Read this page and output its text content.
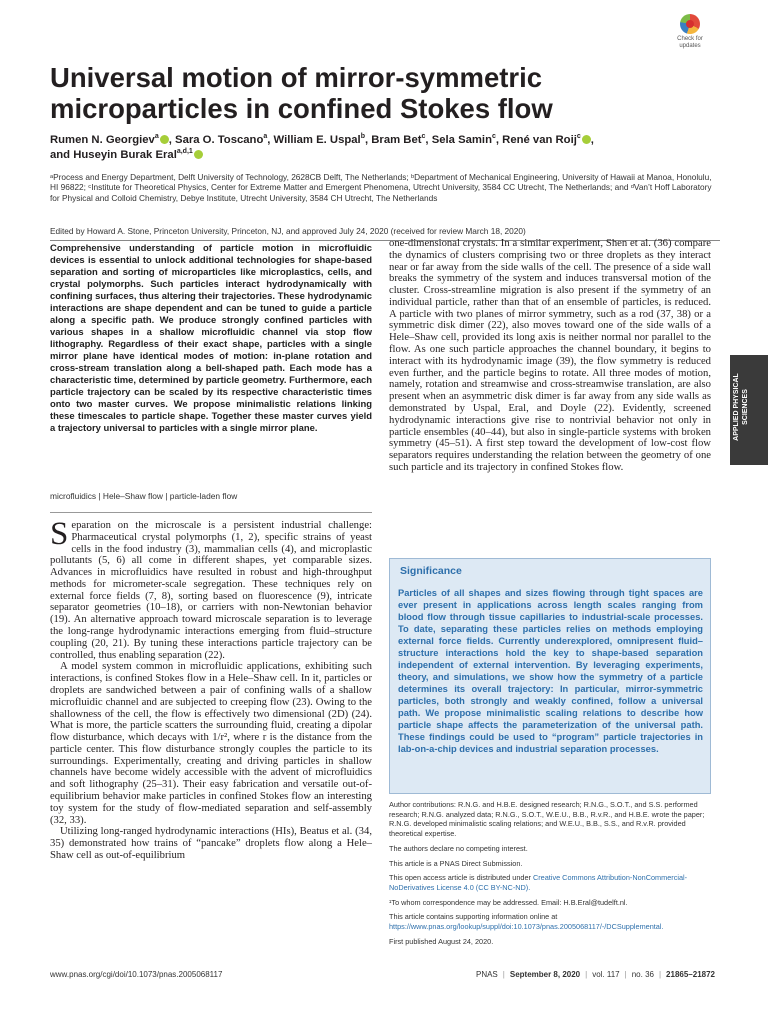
Check for updates
Universal motion of mirror-symmetric microparticles in confined Stokes flow
Rumen N. Georgiev$^a$ , Sara O. Toscano$^a$, William E. Uspal$^b$, Bram Bet$^c$, Sela Samin$^c$, René van Roij$^c$ ,
and Huseyin Burak Eral$^{a,d,1}$
ᵃProcess and Energy Department, Delft University of Technology, 2628CB Delft, The Netherlands; ᵇDepartment of Mechanical Engineering, University of Hawaii at Manoa, Honolulu, HI 96822; ᶜInstitute for Theoretical Physics, Center for Extreme Matter and Emergent Phenomena, Utrecht University, 3584 CC Utrecht, The Netherlands; and ᵈVan’t Hoff Laboratory for Physical and Colloid Chemistry, Debye Institute, Utrecht University, 3584 CH Utrecht, The Netherlands
Edited by Howard A. Stone, Princeton University, Princeton, NJ, and approved July 24, 2020 (received for review March 18, 2020)
Comprehensive understanding of particle motion in microfluidic devices is essential to unlock additional technologies for shape-based separation and sorting of microparticles like microplastics, cells, and crystal polymorphs. Such particles interact hydrodynamically with confining surfaces, thus altering their trajectories. These hydrodynamic interactions are shape dependent and can be tuned to guide a particle along a specific path. We produce strongly confined particles with various shapes in a shallow microfluidic channel via stop flow lithography. Regardless of their exact shape, particles with a single mirror plane have identical modes of motion: in-plane rotation and cross-stream translation along a bell-shaped path. Each mode has a characteristic time, determined by particle geometry. Furthermore, each particle trajectory can be scaled by its respective characteristic times onto two master curves. We propose minimalistic relations linking these timescales to particle shape. Together these master curves yield a trajectory universal to particles with a single mirror plane.
microfluidics | Hele–Shaw flow | particle-laden flow

Separation on the microscale is a persistent industrial challenge: Pharmaceutical crystal polymorphs (1, 2), specific strains of yeast cells in the food industry (3), mammalian cells (4), and microplastic pollutants (5, 6) all come in different shapes, yet comparable sizes. Advances in microfluidics have resulted in robust and high-throughput methods for micrometer-scale segregation. These techniques rely on external force fields (7, 8), sorting based on fluorescence (9), intricate separator geometries (10–18), or carriers with non-Newtonian behavior (19). An alternative approach toward microscale separation is to leverage the long-range hydrodynamic interactions emerging from fluid–structure coupling (20, 21). By tuning these interactions particle trajectory can be controlled, thus enabling separation (22).

A model system common in microfluidic applications, exhibiting such interactions, is confined Stokes flow in a Hele–Shaw cell. In it, particles or droplets are sandwiched between a pair of confining walls of a shallow microfluidic channel and are subjected to creeping flow (23). Owing to the shallowness of the cell, the flow is effectively two dimensional (2D) (24). What is more, the particle scatters the surrounding fluid, creating a dipolar flow disturbance, which decays with 1/r², where r is the distance from the particle center. This flow disturbance strongly couples the particle to its surroundings. Experimentally, creating and driving particles in shallow channels have become widely accessible with the advent of microfluidics and soft lithography (25–31). Their easy fabrication and versatile out-of-equilibrium behavior make particles in confined Stokes flow an interesting toy system for the study of flow-mediated separation and self-assembly (32, 33).

Utilizing long-ranged hydrodynamic interactions (HIs), Beatus et al. (34, 35) demonstrated how trains of “pancake” droplets flow along a Hele–Shaw cell as out-of-equilibrium

one-dimensional crystals. In a similar experiment, Shen et al. (36) compare the dynamics of clusters comprising two or three droplets as they interact near or far away from the side walls of the cell. The presence of a side wall breaks the symmetry of the system and induces transversal motion of the cluster. Cross-streamline migration is also present if the symmetry of an individual particle, rather than that of an ensemble of particles, is reduced. A particle with two planes of mirror symmetry, such as a rod (37, 38) or a symmetric disk dimer (22), also moves toward one of the side walls of a Hele–Shaw cell, provided its long axis is neither normal nor parallel to the flow. As one such particle approaches the channel boundary, it begins to interact with its hydrodynamic image (39), the flow symmetry is reduced even further, and the particle begins to rotate. All three modes of motion, namely, rotation and streamwise and cross-streamwise translation, are also present when an asymmetric disk dimer is far away from any side walls as demonstrated by Uspal, Eral, and Doyle (22). Evidently, screened hydrodynamic interactions give rise to nontrivial behavior not only in particle ensembles (40–44), but also in single-particle systems with broken symmetry (45–51). A first step toward the development of low-cost flow separators requires understanding the relation between the geometry of one such particle and its trajectory in confined Stokes flow.

Significance
Particles of all shapes and sizes flowing through tight spaces are ever present in applications across length scales ranging from blood flow through tissue capillaries to industrial-scale processes. To date, separating these particles relies on methods employing external force fields. Currently underexplored, omnipresent fluid–structure interactions hold the key to shape-based separation independent of external intervention. By leveraging experiments, theory, and simulations, we show how the symmetry of a particle determines its overall trajectory: In particular, mirror-symmetric particles, both strongly and weakly confined, follow a universal path. We propose minimalistic scaling relations to describe how particle shape affects the parameterization of the universal path. These findings could be used to “program” particle trajectories in lab-on-a-chip devices and industrial separation processes.

Author contributions: R.N.G. and H.B.E. designed research; R.N.G., S.O.T., and S.S. performed research; R.N.G. analyzed data; R.N.G., S.O.T., W.E.U., B.B., R.v.R., and H.B.E. wrote the paper; R.N.G. developed minimalistic scaling relations; and W.E.U., B.B., S.S., and R.v.R. provided theoretical expertise.

The authors declare no competing interest.

This article is a PNAS Direct Submission.

This open access article is distributed under Creative Commons Attribution-NonCommercial-NoDerivatives License 4.0 (CC BY-NC-ND).

¹To whom correspondence may be addressed. Email: H.B.Eral@tudelft.nl.

This article contains supporting information online at https://www.pnas.org/lookup/suppl/doi:10.1073/pnas.2005068117/-/DCSupplemental.

First published August 24, 2020.

APPLIED PHYSICAL SCIENCES
www.pnas.org/cgi/doi/10.1073/pnas.2005068117	PNAS | September 8, 2020 | vol. 117 | no. 36 | 21865–21872
